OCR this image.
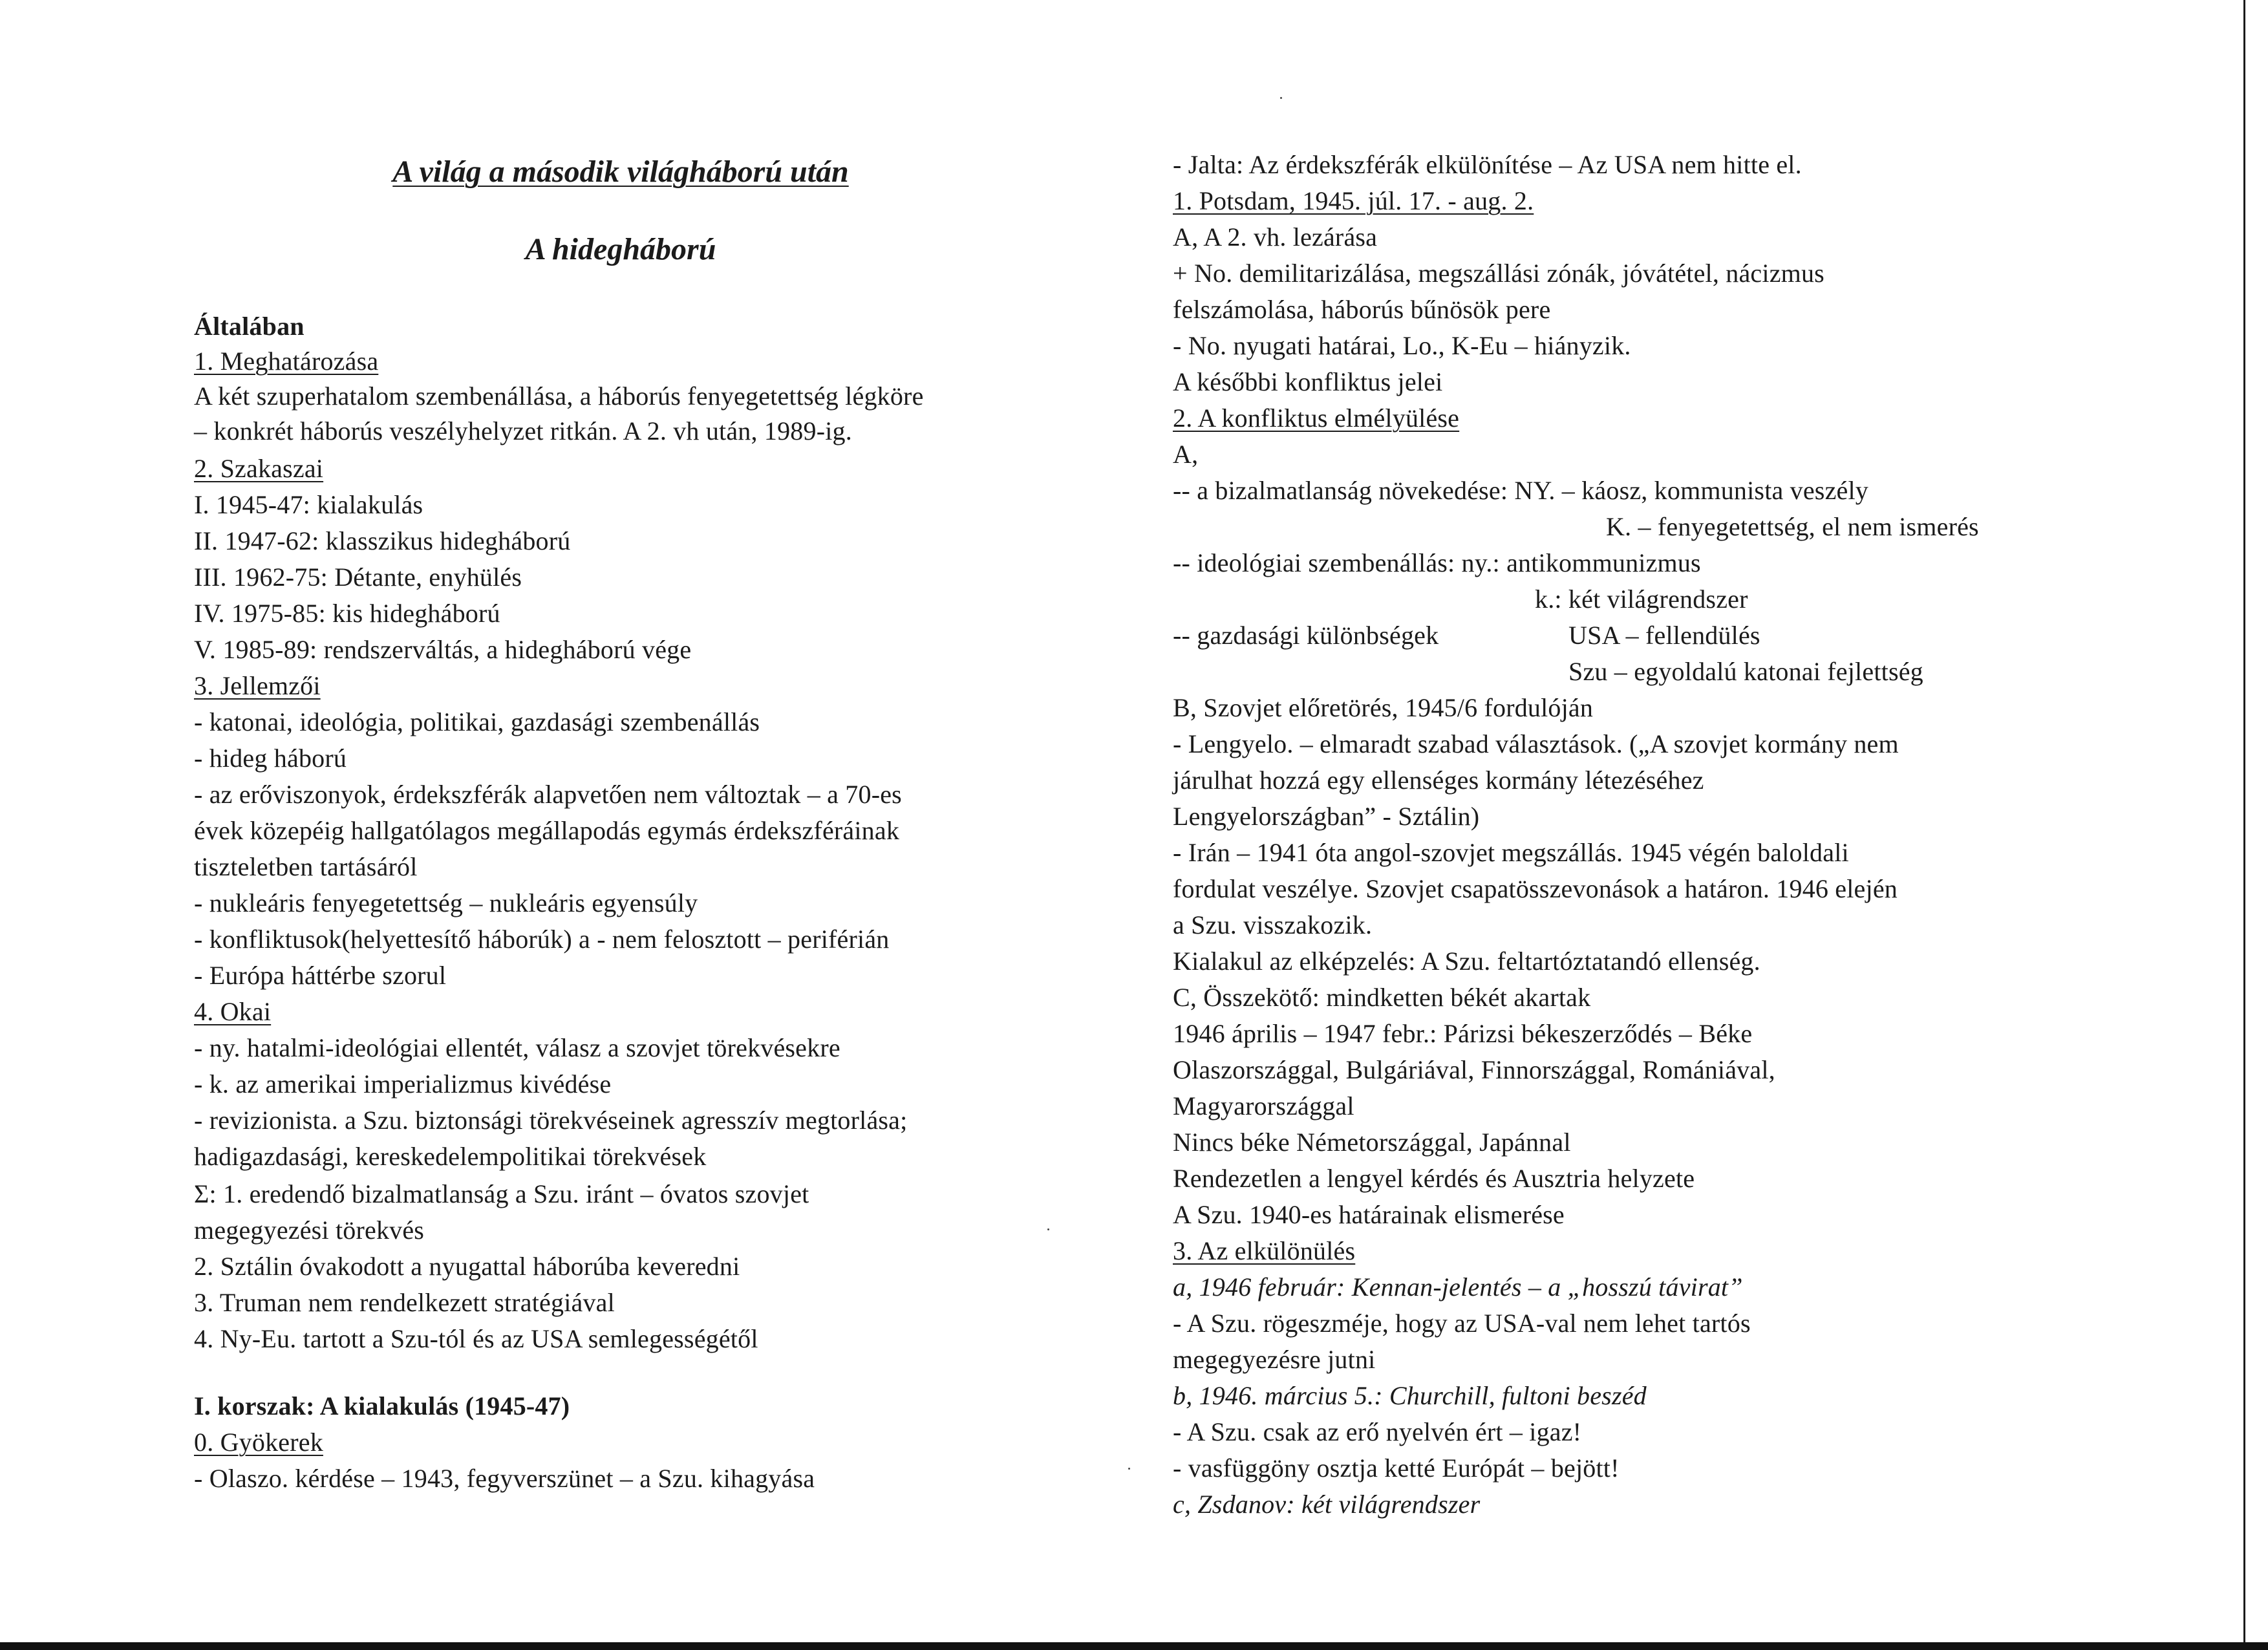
A világ a második világháború után
A hidegháború
Általában
1. Meghatározása
A két szuperhatalom szembenállása, a háborús fenyegetettség légköre
– konkrét háborús veszélyhelyzet ritkán. A 2. vh után, 1989-ig.
2. Szakaszai
I. 1945-47: kialakulás
II. 1947-62: klasszikus hidegháború
III. 1962-75: Détante, enyhülés
IV. 1975-85: kis hidegháború
V. 1985-89: rendszerváltás, a hidegháború vége
3. Jellemzői
- katonai, ideológia, politikai, gazdasági szembenállás
- hideg háború
- az erőviszonyok, érdekszférák alapvetően nem változtak – a 70-es
évek közepéig hallgatólagos megállapodás egymás érdekszféráinak
tiszteletben tartásáról
- nukleáris fenyegetettség – nukleáris egyensúly
- konfliktusok(helyettesítő háborúk) a - nem felosztott – periférián
- Európa háttérbe szorul
4. Okai
- ny. hatalmi-ideológiai ellentét, válasz a szovjet törekvésekre
- k. az amerikai imperializmus kivédése
- revizionista. a Szu. biztonsági törekvéseinek agresszív megtorlása;
hadigazdasági, kereskedelempolitikai törekvések
Σ: 1. eredendő bizalmatlanság a Szu. iránt – óvatos szovjet
megegyezési törekvés
2. Sztálin óvakodott a nyugattal háborúba keveredni
3. Truman nem rendelkezett stratégiával
4. Ny-Eu. tartott a Szu-tól és az USA semlegességétől
I. korszak: A kialakulás (1945-47)
0. Gyökerek
- Olaszo. kérdése – 1943, fegyverszünet – a Szu. kihagyása
- Jalta: Az érdekszférák elkülönítése – Az USA nem hitte el.
1. Potsdam, 1945. júl. 17. - aug. 2.
A, A 2. vh. lezárása
+ No. demilitarizálása, megszállási zónák, jóvátétel, nácizmus
felszámolása, háborús bűnösök pere
- No. nyugati határai, Lo., K-Eu – hiányzik.
A későbbi konfliktus jelei
2. A konfliktus elmélyülése
A,
-- a bizalmatlanság növekedése: NY. – káosz, kommunista veszély
K. – fenyegetettség, el nem ismerés
-- ideológiai szembenállás: ny.: antikommunizmus
k.: két világrendszer
-- gazdasági különbségek	USA – fellendülés
Szu – egyoldalú katonai fejlettség
B, Szovjet előretörés, 1945/6 fordulóján
- Lengyelo. – elmaradt szabad választások. („A szovjet kormány nem
járulhat hozzá egy ellenséges kormány létezéséhez
Lengyelországban” - Sztálin)
- Irán – 1941 óta angol-szovjet megszállás. 1945 végén baloldali
fordulat veszélye. Szovjet csapatösszevonások a határon. 1946 elején
a Szu. visszakozik.
Kialakul az elképzelés: A Szu. feltartóztatandó ellenség.
C, Összekötő: mindketten békét akartak
1946 április – 1947 febr.: Párizsi békeszerződés – Béke
Olaszországgal, Bulgáriával, Finnországgal, Romániával,
Magyarországgal
Nincs béke Németországgal, Japánnal
Rendezetlen a lengyel kérdés és Ausztria helyzete
A Szu. 1940-es határainak elismerése
3. Az elkülönülés
a, 1946 február: Kennan-jelentés – a „hosszú távirat”
- A Szu. rögeszméje, hogy az USA-val nem lehet tartós
megegyezésre jutni
b, 1946. március 5.: Churchill, fultoni beszéd
- A Szu. csak az erő nyelvén ért – igaz!
- vasfüggöny osztja ketté Európát – bejött!
c, Zsdanov: két világrendszer
